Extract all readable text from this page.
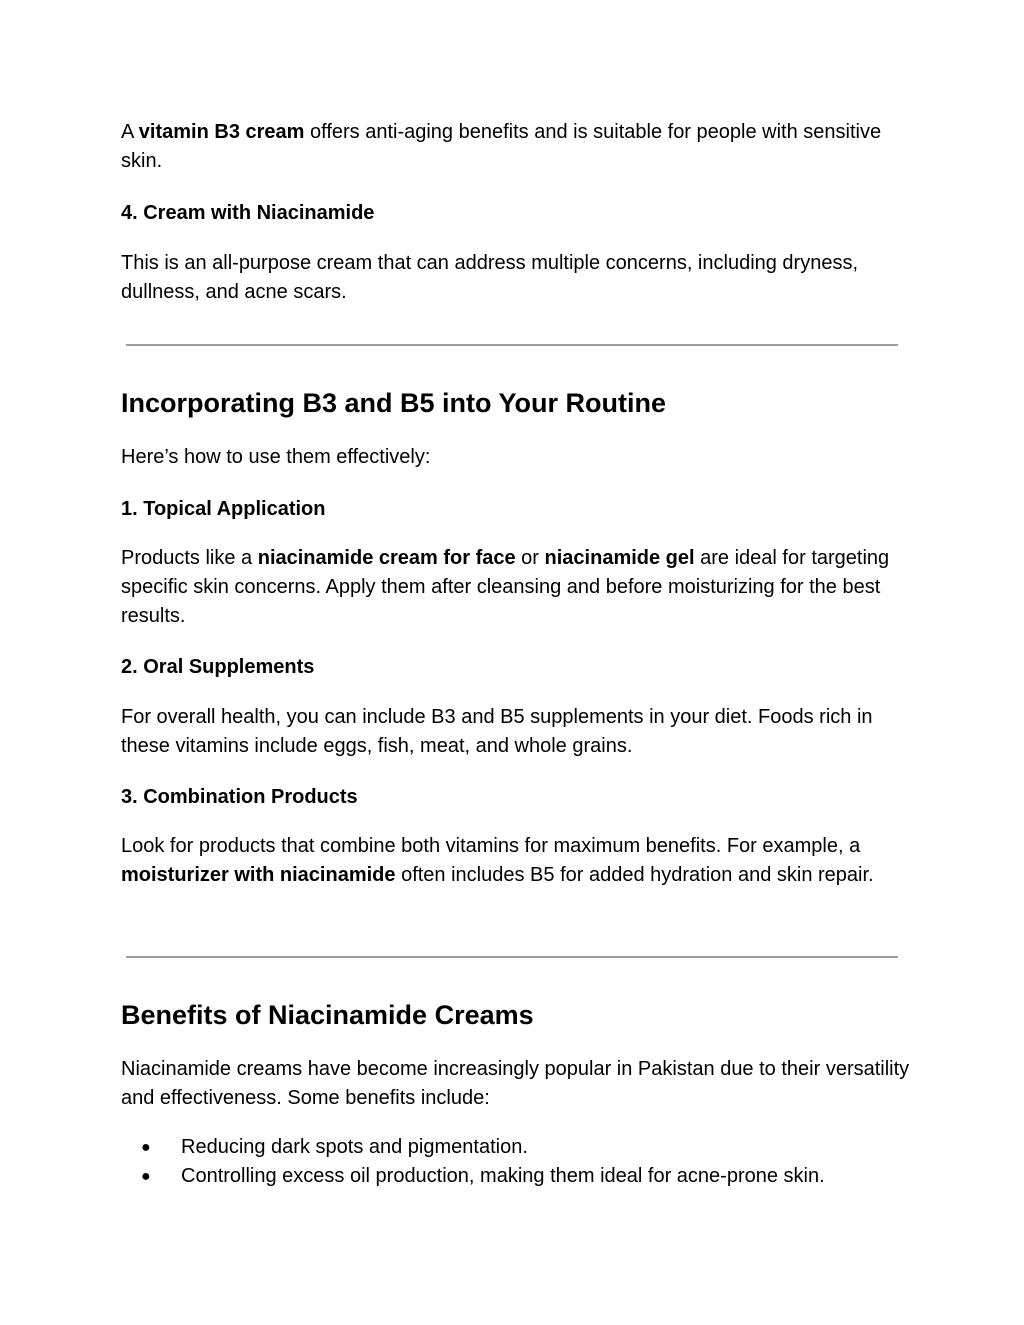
A vitamin B3 cream offers anti-aging benefits and is suitable for people with sensitive skin.

4. Cream with Niacinamide

This is an all-purpose cream that can address multiple concerns, including dryness, dullness, and acne scars.

Incorporating B3 and B5 into Your Routine

Here’s how to use them effectively:

1. Topical Application

Products like a niacinamide cream for face or niacinamide gel are ideal for targeting specific skin concerns. Apply them after cleansing and before moisturizing for the best results.

2. Oral Supplements

For overall health, you can include B3 and B5 supplements in your diet. Foods rich in these vitamins include eggs, fish, meat, and whole grains.

3. Combination Products

Look for products that combine both vitamins for maximum benefits. For example, a moisturizer with niacinamide often includes B5 for added hydration and skin repair.

Benefits of Niacinamide Creams

Niacinamide creams have become increasingly popular in Pakistan due to their versatility and effectiveness. Some benefits include:

● Reducing dark spots and pigmentation.
● Controlling excess oil production, making them ideal for acne-prone skin.
